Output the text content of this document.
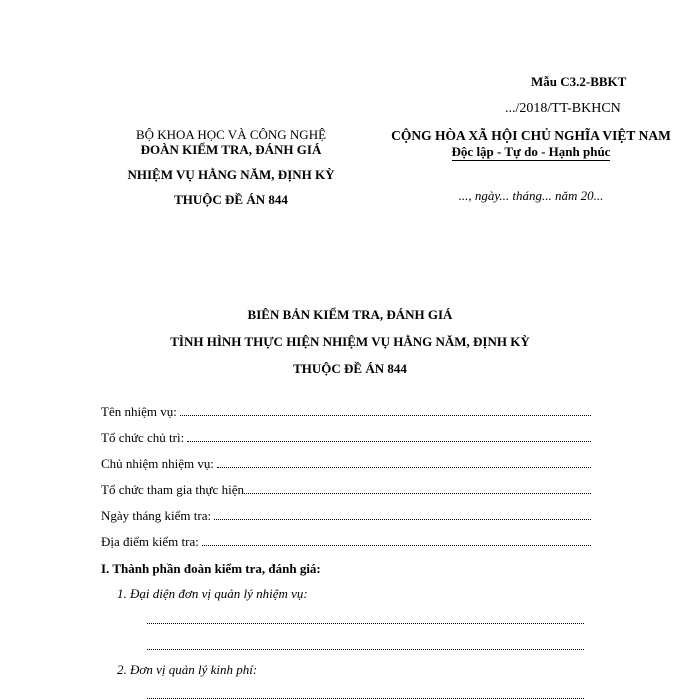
Mẫu C3.2-BBKT
.../2018/TT-BKHCN
BỘ KHOA HỌC VÀ CÔNG NGHỆ
ĐOÀN KIỂM TRA, ĐÁNH GIÁ
NHIỆM VỤ HẰNG NĂM, ĐỊNH KỲ
THUỘC ĐỀ ÁN 844
CỘNG HÒA XÃ HỘI CHỦ NGHĨA VIỆT NAM
Độc lập - Tự do - Hạnh phúc
..., ngày... tháng... năm 20...
BIÊN BẢN KIỂM TRA, ĐÁNH GIÁ
TÌNH HÌNH THỰC HIỆN NHIỆM VỤ HẰNG NĂM, ĐỊNH KỲ
THUỘC ĐỀ ÁN 844
Tên nhiệm vụ:
Tổ chức chủ trì:
Chủ nhiệm nhiệm vụ:
Tổ chức tham gia thực hiện
Ngày tháng kiểm tra:
Địa điểm kiểm tra:
I. Thành phần đoàn kiểm tra, đánh giá:
1. Đại diện đơn vị quản lý nhiệm vụ:
2. Đơn vị quản lý kinh phí:
